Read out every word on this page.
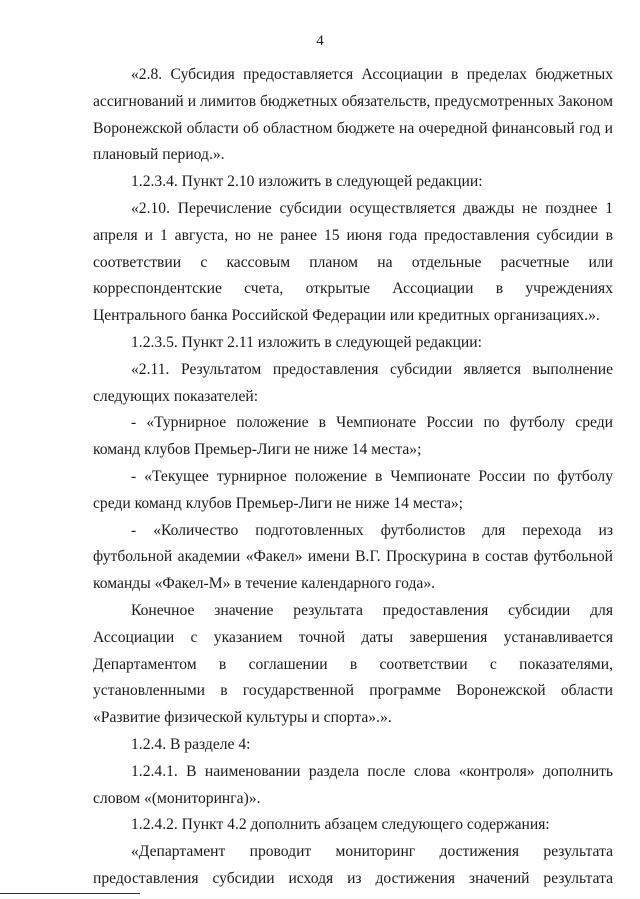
4

«2.8. Субсидия предоставляется Ассоциации в пределах бюджетных ассигнований и лимитов бюджетных обязательств, предусмотренных Законом Воронежской области об областном бюджете на очередной финансовый год и плановый период.».

1.2.3.4. Пункт 2.10 изложить в следующей редакции:

«2.10. Перечисление субсидии осуществляется дважды не позднее 1 апреля и 1 августа, но не ранее 15 июня года предоставления субсидии в соответствии с кассовым планом на отдельные расчетные или корреспондентские счета, открытые Ассоциации в учреждениях Центрального банка Российской Федерации или кредитных организациях.».

1.2.3.5. Пункт 2.11 изложить в следующей редакции:

«2.11. Результатом предоставления субсидии является выполнение следующих показателей:

- «Турнирное положение в Чемпионате России по футболу среди команд клубов Премьер-Лиги не ниже 14 места»;

- «Текущее турнирное положение в Чемпионате России по футболу среди команд клубов Премьер-Лиги не ниже 14 места»;

- «Количество подготовленных футболистов для перехода из футбольной академии «Факел» имени В.Г. Проскурина в состав футбольной команды «Факел-М» в течение календарного года».

Конечное значение результата предоставления субсидии для Ассоциации с указанием точной даты завершения устанавливается Департаментом в соглашении в соответствии с показателями, установленными в государственной программе Воронежской области «Развитие физической культуры и спорта».».

1.2.4. В разделе 4:

1.2.4.1. В наименовании раздела после слова «контроля» дополнить словом «(мониторинга)».

1.2.4.2. Пункт 4.2 дополнить абзацем следующего содержания:

«Департамент проводит мониторинг достижения результата предоставления субсидии исходя из достижения значений результата
